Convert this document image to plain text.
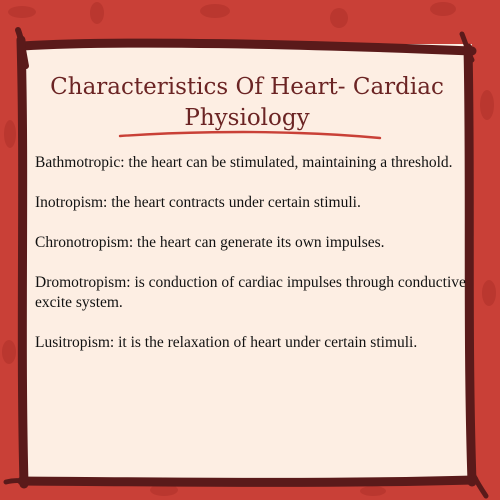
Characteristics Of Heart- Cardiac
Physiology

Bathmotropic: the heart can be stimulated, maintaining a threshold.

Inotropism: the heart contracts under certain stimuli.

Chronotropism: the heart can generate its own impulses.

Dromotropism: is conduction of cardiac impulses through conductive excite system.

Lusitropism: it is the relaxation of heart under certain stimuli.
